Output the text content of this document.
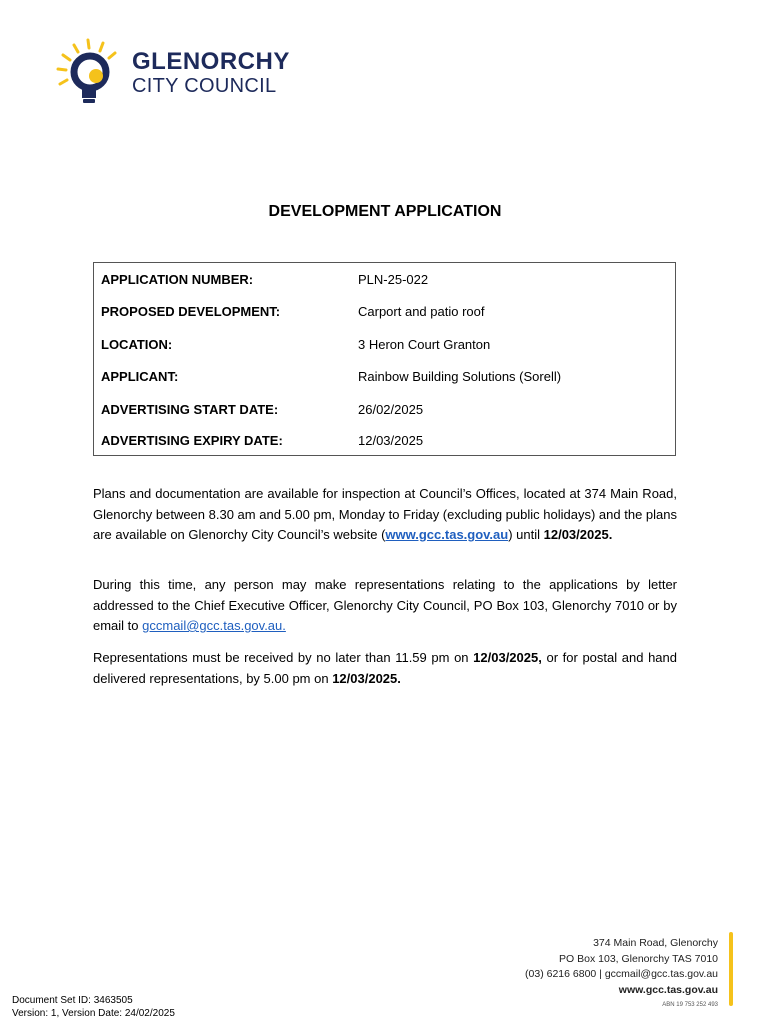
GLENORCHY
CITY COUNCIL
DEVELOPMENT APPLICATION
APPLICATION NUMBER:	PLN-25-022
PROPOSED DEVELOPMENT:	Carport and patio roof
LOCATION:	3 Heron Court Granton
APPLICANT:	Rainbow Building Solutions (Sorell)
ADVERTISING START DATE:	26/02/2025
ADVERTISING EXPIRY DATE:	12/03/2025
Plans and documentation are available for inspection at Council’s Offices, located at 374 Main Road, Glenorchy between 8.30 am and 5.00 pm, Monday to Friday (excluding public holidays) and the plans are available on Glenorchy City Council’s website (www.gcc.tas.gov.au) until 12/03/2025.
During this time, any person may make representations relating to the applications by letter addressed to the Chief Executive Officer, Glenorchy City Council, PO Box 103, Glenorchy 7010 or by email to gccmail@gcc.tas.gov.au.
Representations must be received by no later than 11.59 pm on 12/03/2025, or for postal and hand delivered representations, by 5.00 pm on 12/03/2025.
374 Main Road, Glenorchy
PO Box 103, Glenorchy TAS 7010
(03) 6216 6800 | gccmail@gcc.tas.gov.au
www.gcc.tas.gov.au
ABN 19 753 252 493
Document Set ID: 3463505
Version: 1, Version Date: 24/02/2025
